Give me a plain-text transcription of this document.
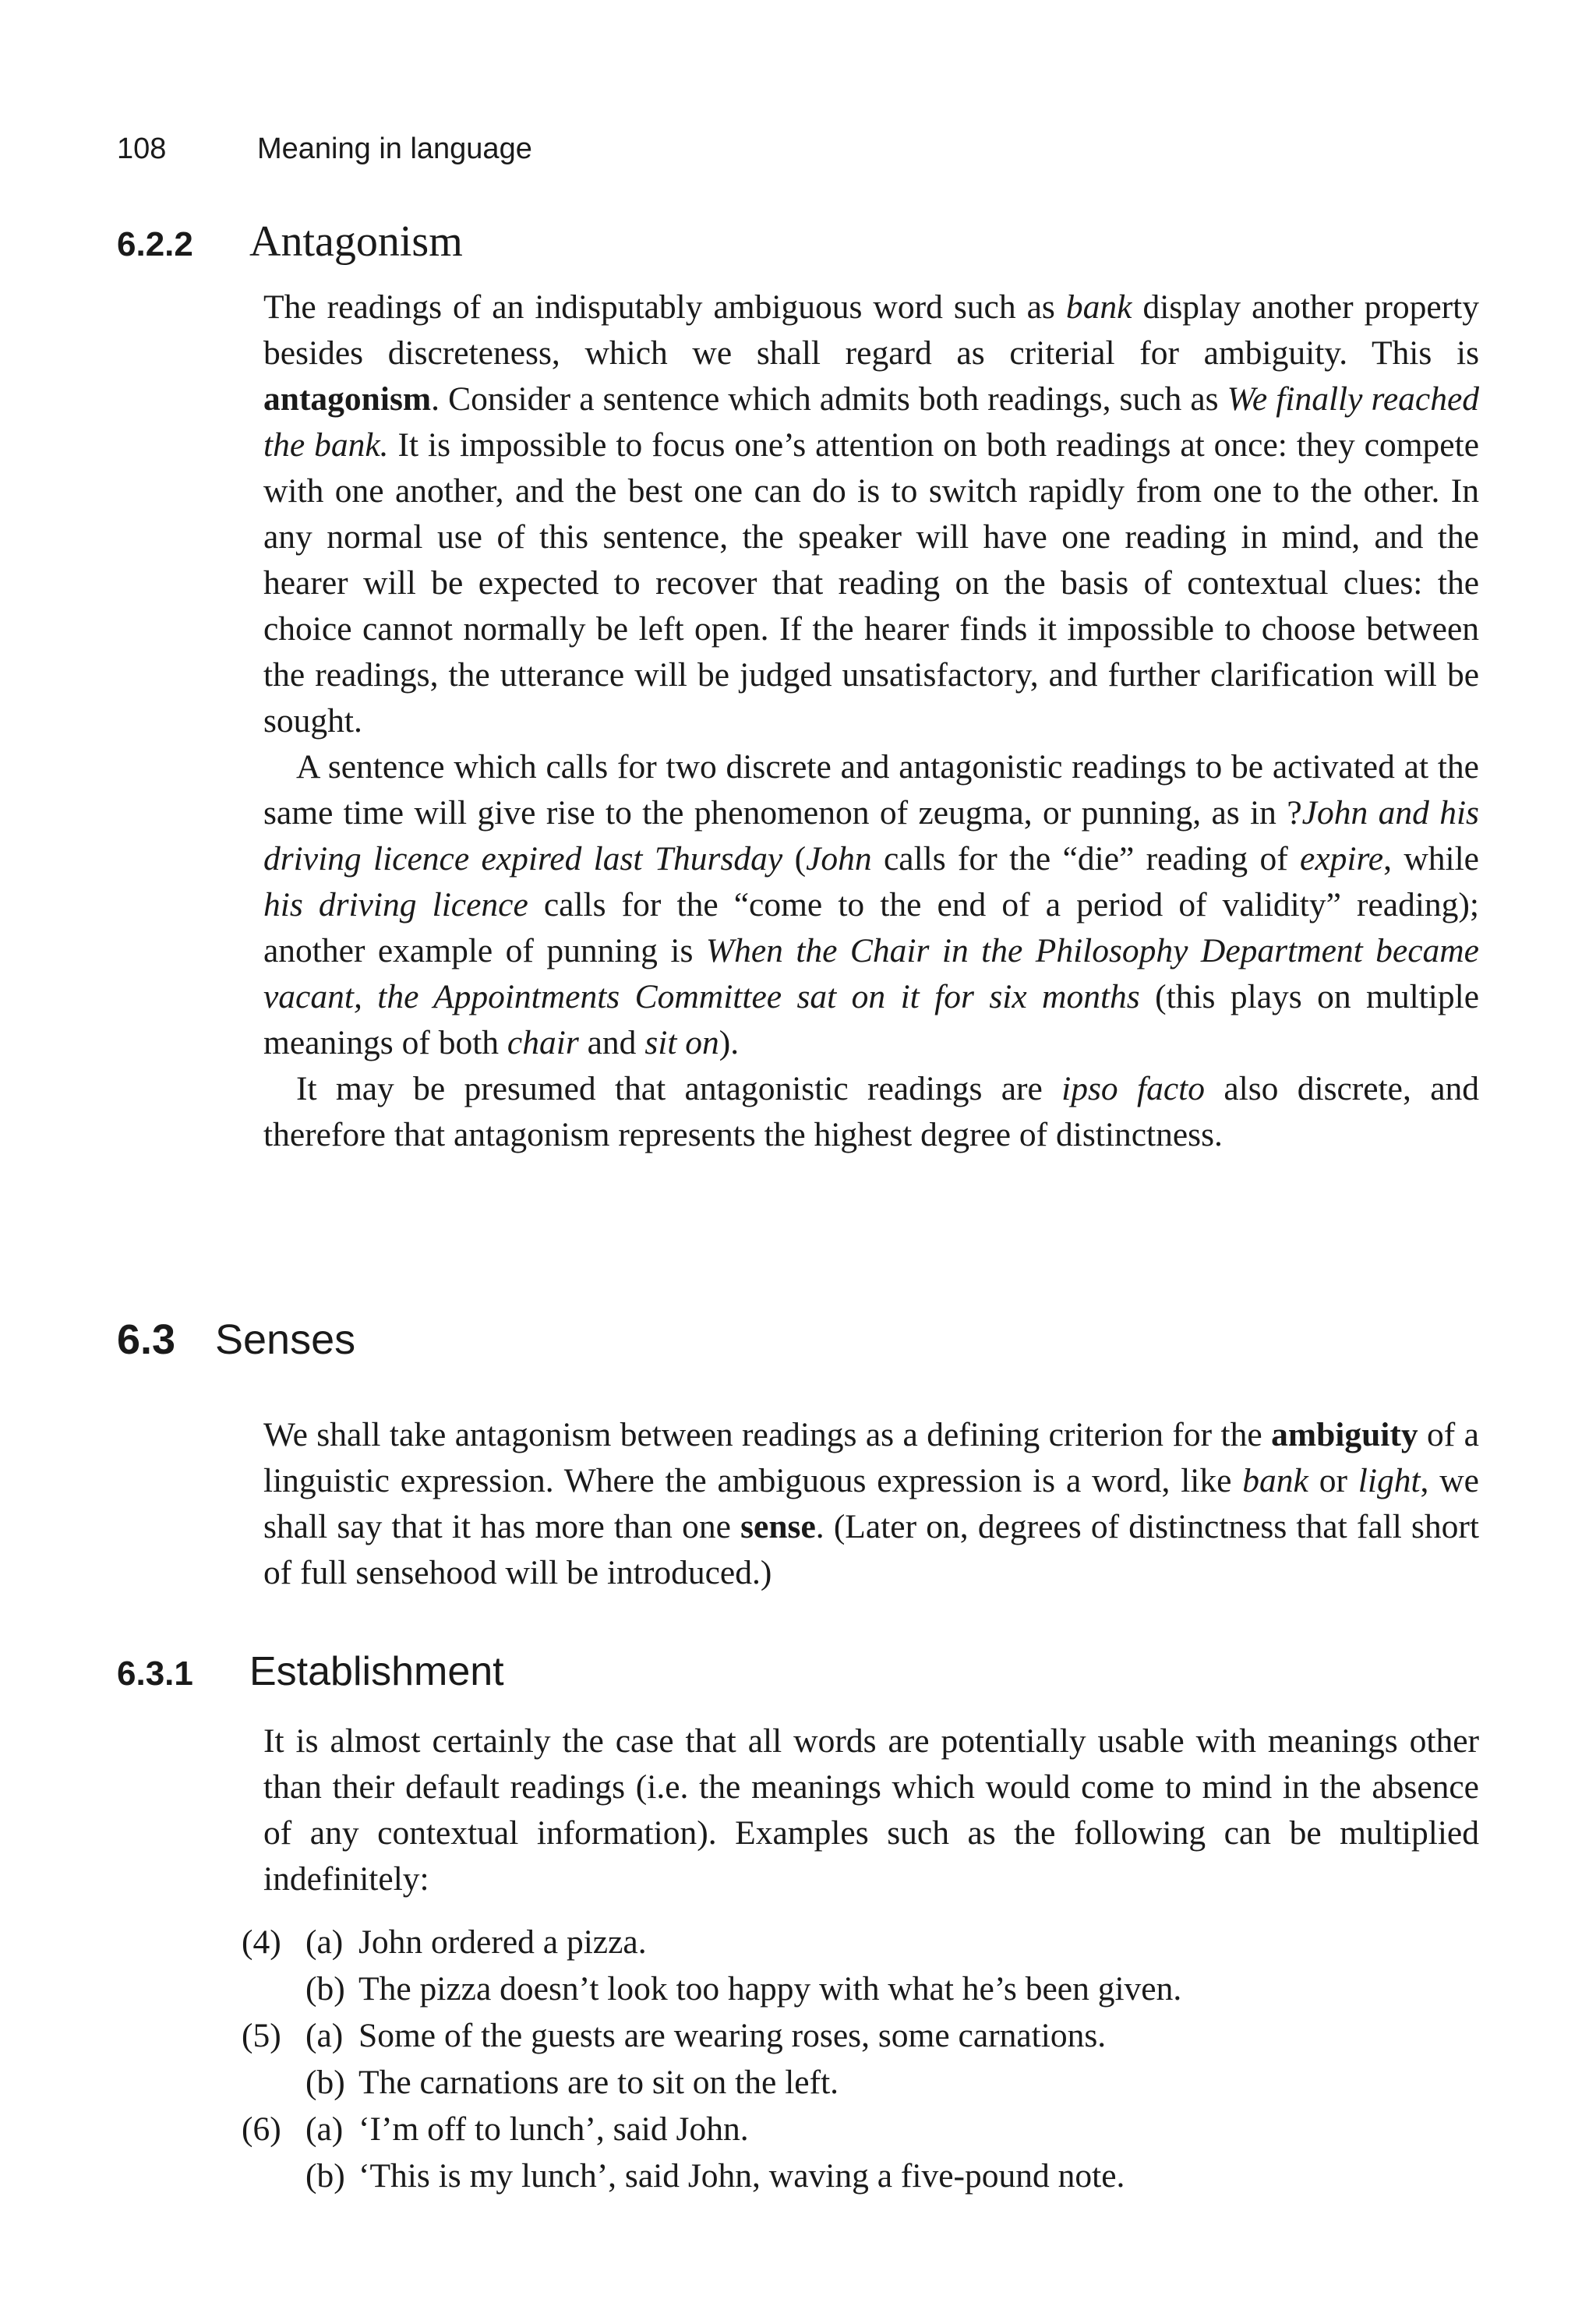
108	Meaning in language
6.2.2 Antagonism

The readings of an indisputably ambiguous word such as bank display another property besides discreteness, which we shall regard as criterial for ambiguity. This is antagonism. Consider a sentence which admits both readings, such as We finally reached the bank. It is impossible to focus one’s attention on both readings at once: they compete with one another, and the best one can do is to switch rapidly from one to the other. In any normal use of this sentence, the speaker will have one reading in mind, and the hearer will be expected to recover that reading on the basis of contextual clues: the choice cannot normally be left open. If the hearer finds it impossible to choose between the readings, the utterance will be judged unsatisfactory, and further clarification will be sought.

A sentence which calls for two discrete and antagonistic readings to be activated at the same time will give rise to the phenomenon of zeugma, or punning, as in ?John and his driving licence expired last Thursday (John calls for the “die” reading of expire, while his driving licence calls for the “come to the end of a period of validity” reading); another example of punning is When the Chair in the Philosophy Department became vacant, the Appointments Committee sat on it for six months (this plays on multiple meanings of both chair and sit on).

It may be presumed that antagonistic readings are ipso facto also discrete, and therefore that antagonism represents the highest degree of distinctness.

6.3 Senses

We shall take antagonism between readings as a defining criterion for the ambiguity of a linguistic expression. Where the ambiguous expression is a word, like bank or light, we shall say that it has more than one sense. (Later on, degrees of distinctness that fall short of full sensehood will be introduced.)

6.3.1 Establishment

It is almost certainly the case that all words are potentially usable with meanings other than their default readings (i.e. the meanings which would come to mind in the absence of any contextual information). Examples such as the following can be multiplied indefinitely:

(4) (a) John ordered a pizza.
(b) The pizza doesn’t look too happy with what he’s been given.
(5) (a) Some of the guests are wearing roses, some carnations.
(b) The carnations are to sit on the left.
(6) (a) ‘I’m off to lunch’, said John.
(b) ‘This is my lunch’, said John, waving a five-pound note.
